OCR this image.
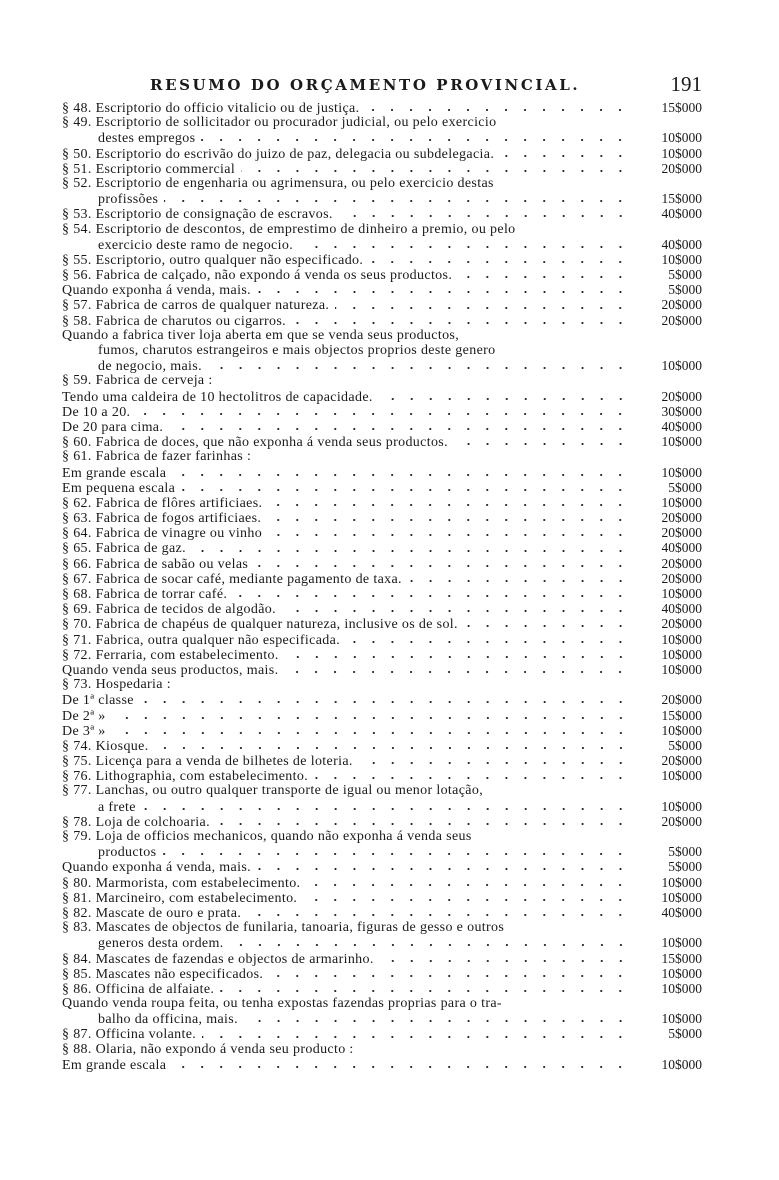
RESUMO DO ORÇAMENTO PROVINCIAL.	191
§ 48. Escriptorio do officio vitalicio ou de justiça.	15$000
§ 49. Escriptorio de sollicitador ou procurador judicial, ou pelo exercicio
destes empregos	10$000
§ 50. Escriptorio do escrivão do juizo de paz, delegacia ou subdelegacia.	10$000
§ 51. Escriptorio commercial	20$000
§ 52. Escriptorio de engenharia ou agrimensura, ou pelo exercicio destas
profissões	15$000
§ 53. Escriptorio de consignação de escravos.	40$000
§ 54. Escriptorio de descontos, de emprestimo de dinheiro a premio, ou pelo
exercicio deste ramo de negocio.	40$000
§ 55. Escriptorio, outro qualquer não especificado.	10$000
§ 56. Fabrica de calçado, não expondo á venda os seus productos.	5$000
Quando exponha á venda, mais.	5$000
§ 57. Fabrica de carros de qualquer natureza.	20$000
§ 58. Fabrica de charutos ou cigarros.	20$000
Quando a fabrica tiver loja aberta em que se venda seus productos,
fumos, charutos estrangeiros e mais objectos proprios deste genero
de negocio, mais.	10$000
§ 59. Fabrica de cerveja :
Tendo uma caldeira de 10 hectolitros de capacidade.	20$000
De 10 a 20.	30$000
De 20 para cima.	40$000
§ 60. Fabrica de doces, que não exponha á venda seus productos.	10$000
§ 61. Fabrica de fazer farinhas :
Em grande escala	10$000
Em pequena escala	5$000
§ 62. Fabrica de flôres artificiaes.	10$000
§ 63. Fabrica de fogos artificiaes.	20$000
§ 64. Fabrica de vinagre ou vinho	20$000
§ 65. Fabrica de gaz.	40$000
§ 66. Fabrica de sabão ou velas	20$000
§ 67. Fabrica de socar café, mediante pagamento de taxa.	20$000
§ 68. Fabrica de torrar café.	10$000
§ 69. Fabrica de tecidos de algodão.	40$000
§ 70. Fabrica de chapéus de qualquer natureza, inclusive os de sol.	20$000
§ 71. Fabrica, outra qualquer não especificada.	10$000
§ 72. Ferraria, com estabelecimento.	10$000
Quando venda seus productos, mais.	10$000
§ 73. Hospedaria :
De 1ª classe	20$000
De 2ª »	15$000
De 3ª »	10$000
§ 74. Kiosque.	5$000
§ 75. Licença para a venda de bilhetes de loteria.	20$000
§ 76. Lithographia, com estabelecimento.	10$000
§ 77. Lanchas, ou outro qualquer transporte de igual ou menor lotação,
a frete	10$000
§ 78. Loja de colchoaria.	20$000
§ 79. Loja de officios mechanicos, quando não exponha á venda seus
productos	5$000
Quando exponha á venda, mais.	5$000
§ 80. Marmorista, com estabelecimento.	10$000
§ 81. Marcineiro, com estabelecimento.	10$000
§ 82. Mascate de ouro e prata.	40$000
§ 83. Mascates de objectos de funilaria, tanoaria, figuras de gesso e outros
generos desta ordem.	10$000
§ 84. Mascates de fazendas e objectos de armarinho.	15$000
§ 85. Mascates não especificados.	10$000
§ 86. Officina de alfaiate.	10$000
Quando venda roupa feita, ou tenha expostas fazendas proprias para o tra-
balho da officina, mais.	10$000
§ 87. Officina volante.	5$000
§ 88. Olaria, não expondo á venda seu producto :
Em grande escala	10$000
